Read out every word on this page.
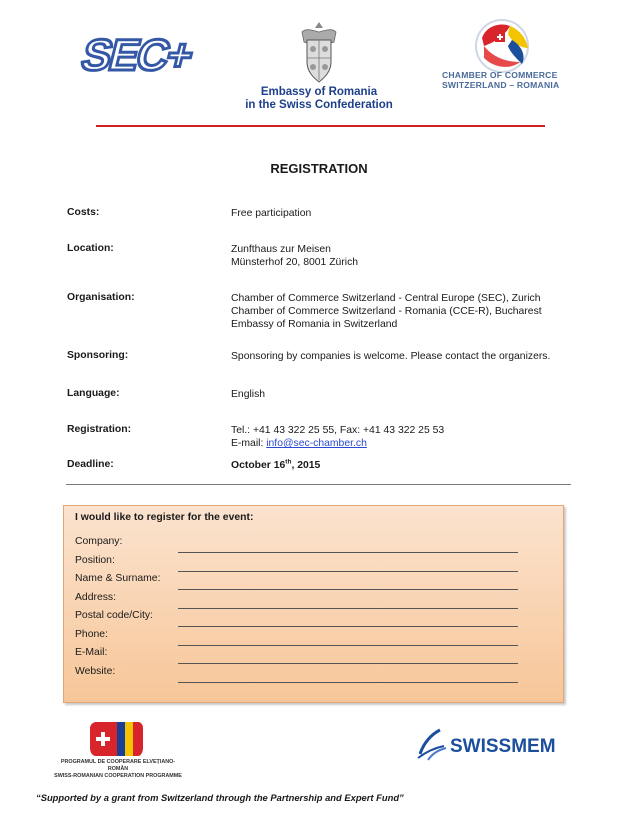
SEC+	CHAMBER OF COMMERCE
SWITZERLAND – ROMANIA
Embassy of Romania
in the Swiss Confederation
REGISTRATION
Costs:	Free participation
Location:	Zunfthaus zur Meisen
Münsterhof 20, 8001 Zürich
Organisation:	Chamber of Commerce Switzerland - Central Europe (SEC), Zurich
Chamber of Commerce Switzerland - Romania (CCE-R), Bucharest
Embassy of Romania in Switzerland
Sponsoring:	Sponsoring by companies is welcome. Please contact the organizers.
Language:	English
Registration:	Tel.: +41 43 322 25 55, Fax: +41 43 322 25 53
E-mail: info@sec-chamber.ch
Deadline:	October 16th, 2015
I would like to register for the event:
Company:
Position:
Name & Surname:
Address:
Postal code/City:
Phone:
E-Mail:
Website:
PROGRAMUL DE COOPERARE ELVEȚIANO-ROMÂN
SWISS-ROMANIAN COOPERATION PROGRAMME
SWISSMEM
“Supported by a grant from Switzerland through the Partnership and Expert Fund”
